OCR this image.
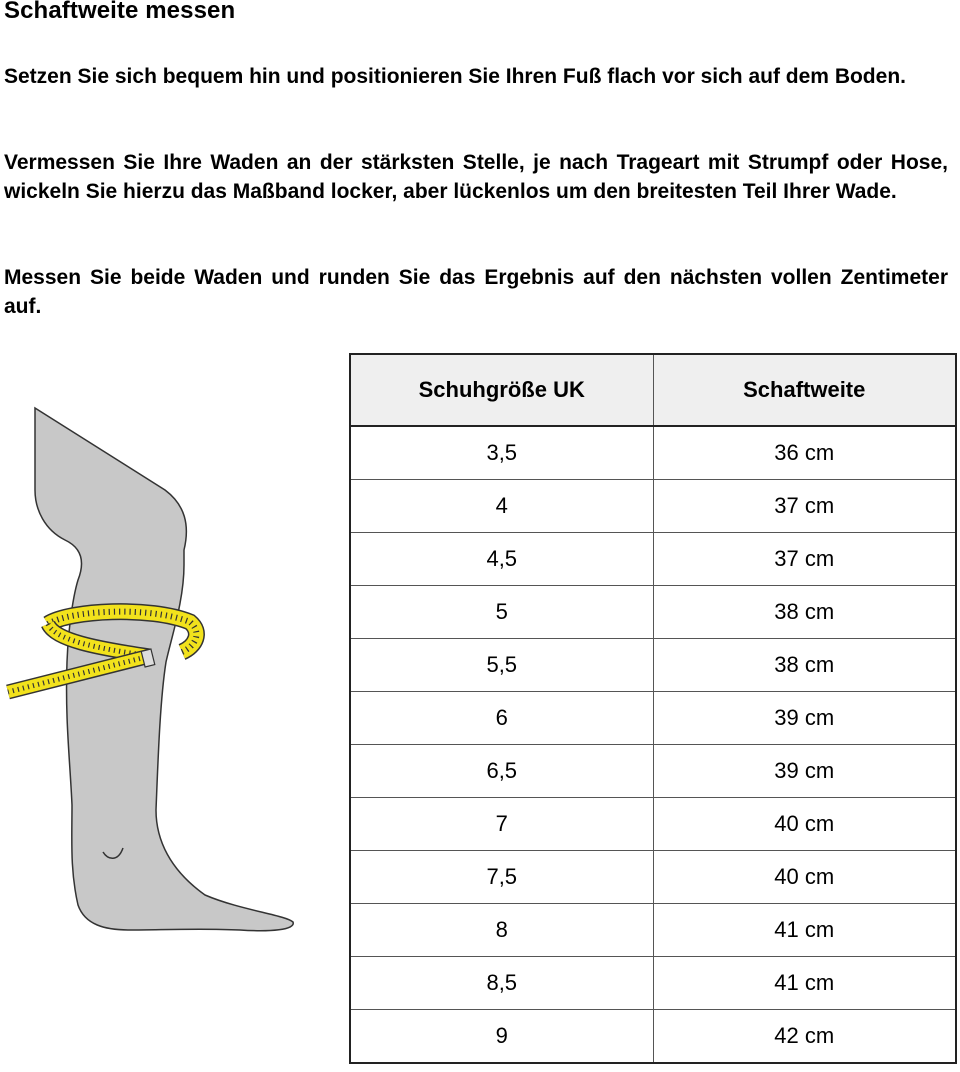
Schaftweite messen

Setzen Sie sich bequem hin und positionieren Sie Ihren Fuß flach vor sich auf dem Boden.

Vermessen Sie Ihre Waden an der stärksten Stelle, je nach Trageart mit Strumpf oder Hose, wickeln Sie hierzu das Maßband locker, aber lückenlos um den breitesten Teil Ihrer Wade.

Messen Sie beide Waden und runden Sie das Ergebnis auf den nächsten vollen Zentimeter auf.

Schuhgröße UK	Schaftweite
3,5	36 cm
4	37 cm
4,5	37 cm
5	38 cm
5,5	38 cm
6	39 cm
6,5	39 cm
7	40 cm
7,5	40 cm
8	41 cm
8,5	41 cm
9	42 cm
